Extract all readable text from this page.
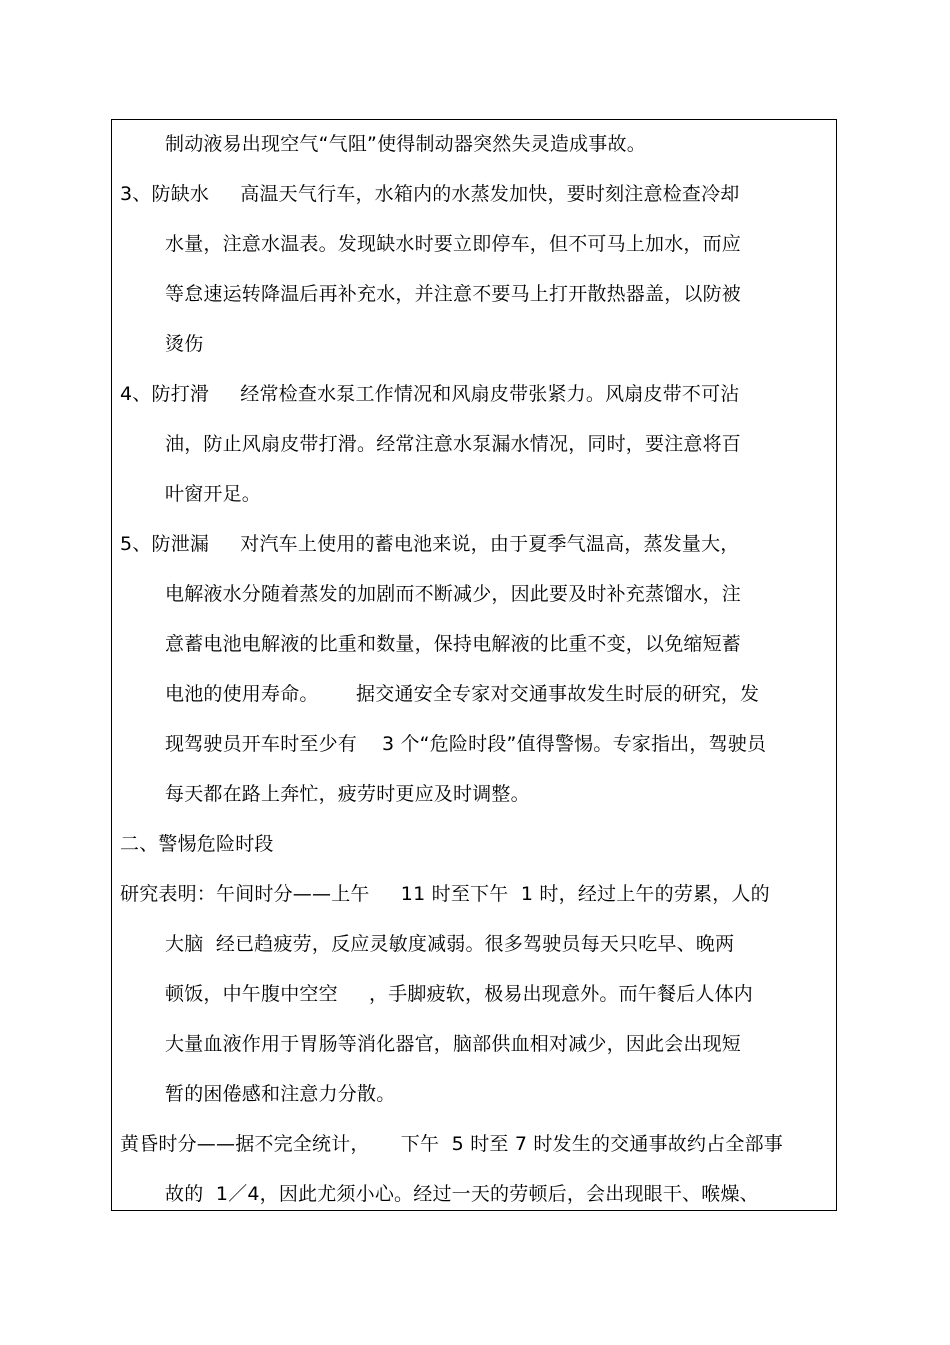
制动液易出现空气“气阻”使得制动器突然失灵造成事故。
3、防缺水     高温天气行车，水箱内的水蒸发加快，要时刻注意检查冷却
水量，注意水温表。发现缺水时要立即停车，但不可马上加水，而应
等怠速运转降温后再补充水，并注意不要马上打开散热器盖，以防被
烫伤
4、防打滑     经常检查水泵工作情况和风扇皮带张紧力。风扇皮带不可沾
油，防止风扇皮带打滑。经常注意水泵漏水情况，同时，要注意将百
叶窗开足。
5、防泄漏     对汽车上使用的蓄电池来说，由于夏季气温高，蒸发量大，
电解液水分随着蒸发的加剧而不断减少，因此要及时补充蒸馏水，注
意蓄电池电解液的比重和数量，保持电解液的比重不变，以免缩短蓄
电池的使用寿命。      据交通安全专家对交通事故发生时辰的研究，发
现驾驶员开车时至少有    3 个“危险时段”值得警惕。专家指出，驾驶员
每天都在路上奔忙，疲劳时更应及时调整。
二、警惕危险时段
研究表明：午间时分——上午     11 时至下午  1 时，经过上午的劳累，人的
大脑  经已趋疲劳，反应灵敏度减弱。很多驾驶员每天只吃早、晚两
顿饭，中午腹中空空     ，手脚疲软，极易出现意外。而午餐后人体内
大量血液作用于胃肠等消化器官，脑部供血相对减少，因此会出现短
暂的困倦感和注意力分散。
黄昏时分——据不完全统计，     下午  5 时至 7 时发生的交通事故约占全部事
故的  1／4，因此尤须小心。经过一天的劳顿后，会出现眼干、喉燥、
